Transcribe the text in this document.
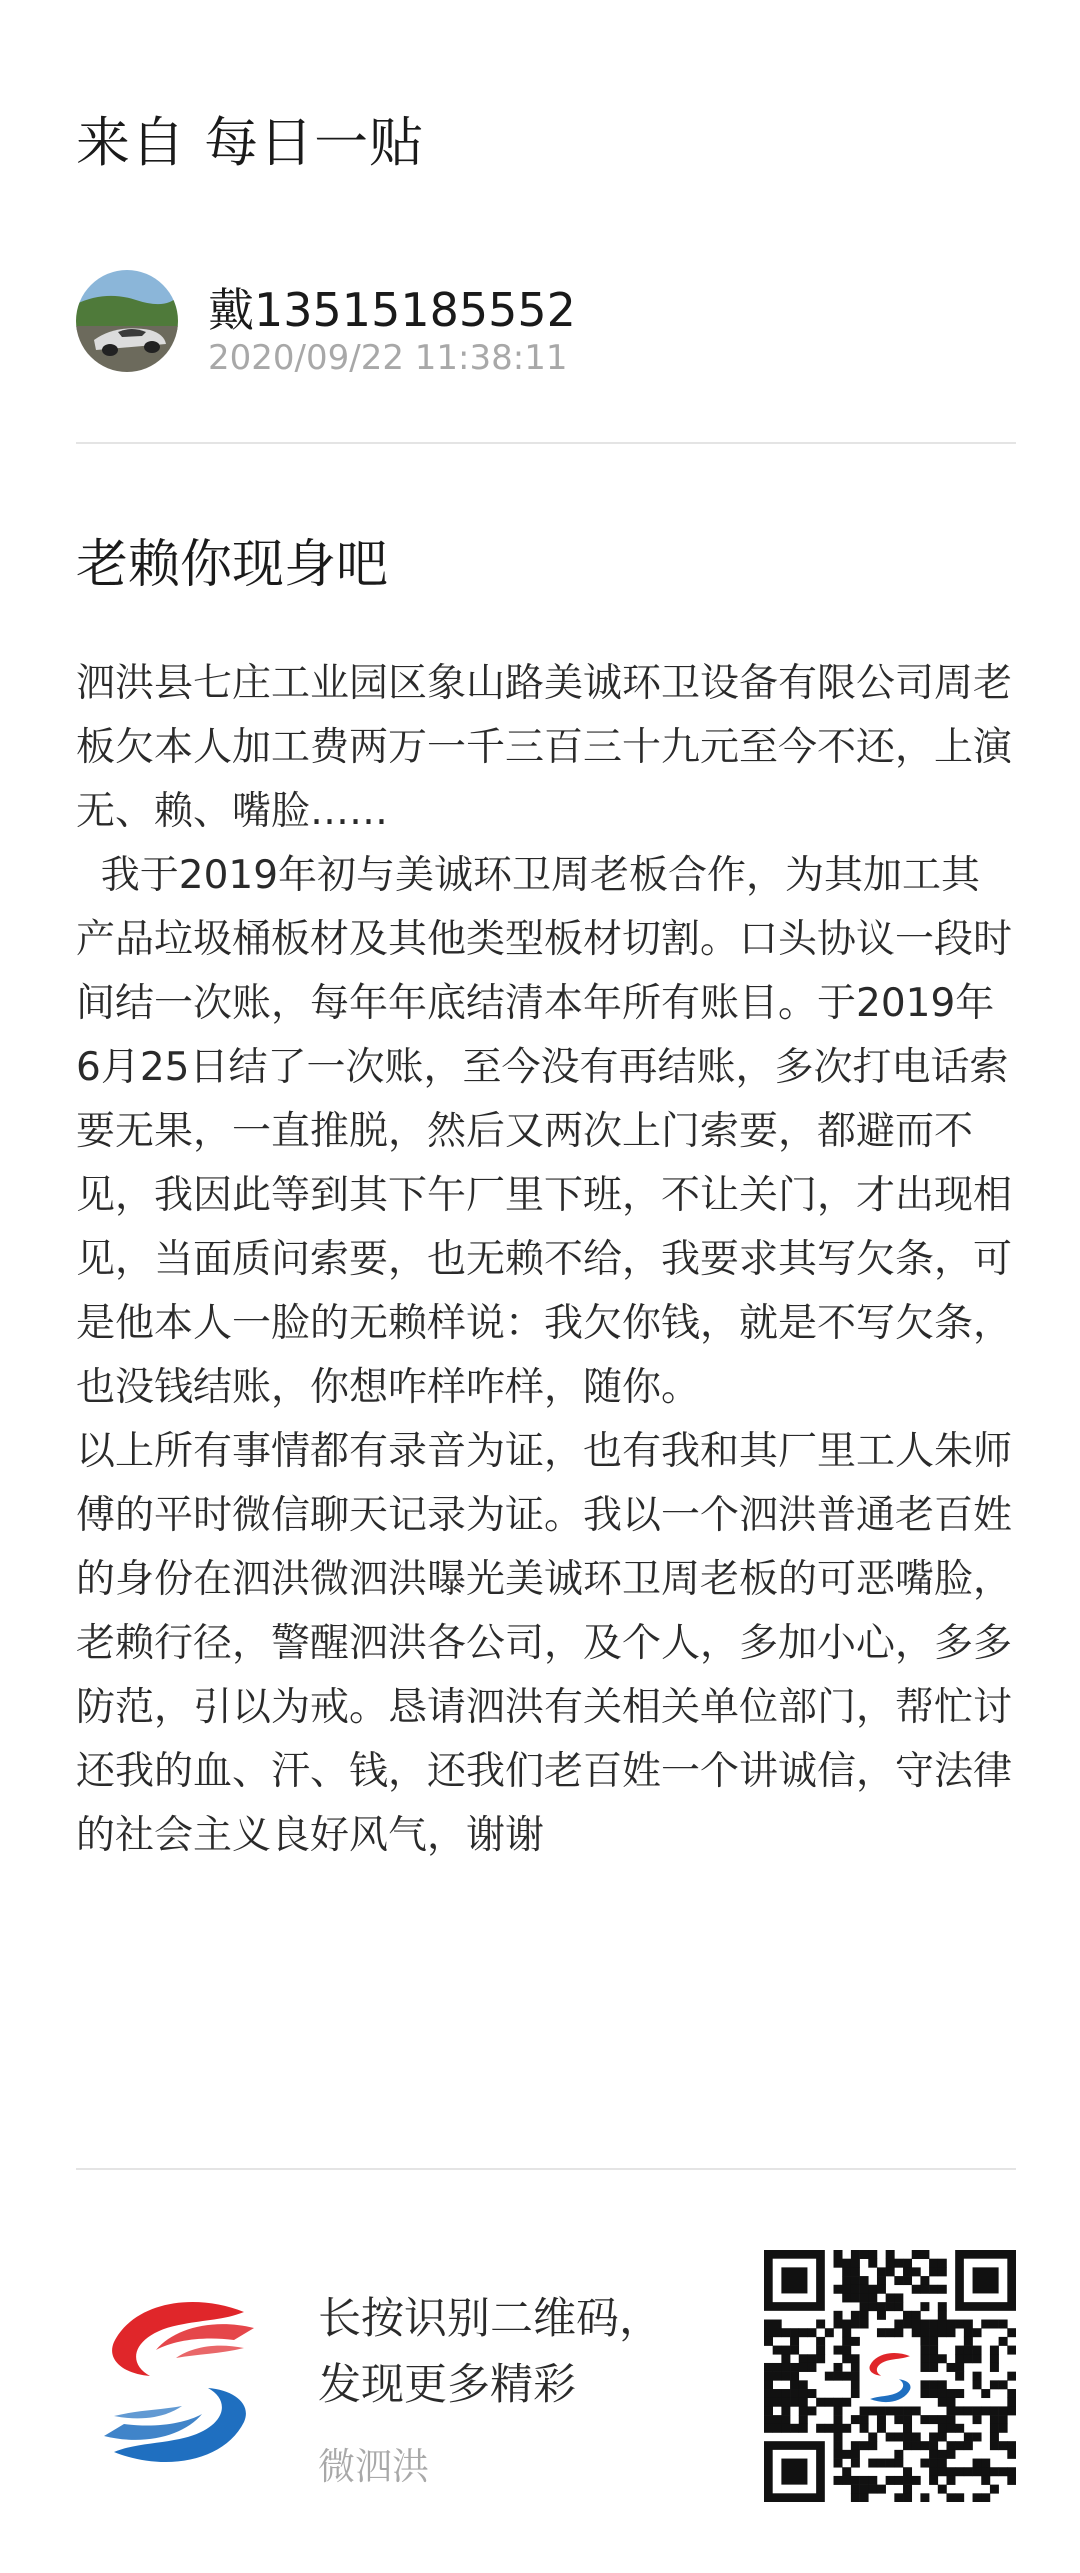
来自 每日一贴
戴13515185552
2020/09/22 11:38:11
老赖你现身吧

泗洪县七庄工业园区象山路美诚环卫设备有限公司周老板欠本人加工费两万一千三百三十九元至今不还，上演无、赖、嘴脸……

我于2019年初与美诚环卫周老板合作，为其加工其产品垃圾桶板材及其他类型板材切割。口头协议一段时间结一次账，每年年底结清本年所有账目。于2019年6月25日结了一次账，至今没有再结账，多次打电话索要无果，一直推脱，然后又两次上门索要，都避而不见，我因此等到其下午厂里下班，不让关门，才出现相见，当面质问索要，也无赖不给，我要求其写欠条，可是他本人一脸的无赖样说：我欠你钱，就是不写欠条，也没钱结账，你想咋样咋样，随你。

以上所有事情都有录音为证，也有我和其厂里工人朱师傅的平时微信聊天记录为证。我以一个泗洪普通老百姓的身份在泗洪微泗洪曝光美诚环卫周老板的可恶嘴脸，老赖行径，警醒泗洪各公司，及个人，多加小心，多多防范，引以为戒。恳请泗洪有关相关单位部门，帮忙讨还我的血、汗、钱，还我们老百姓一个讲诚信，守法律的社会主义良好风气，谢谢

长按识别二维码，
发现更多精彩
微泗洪
